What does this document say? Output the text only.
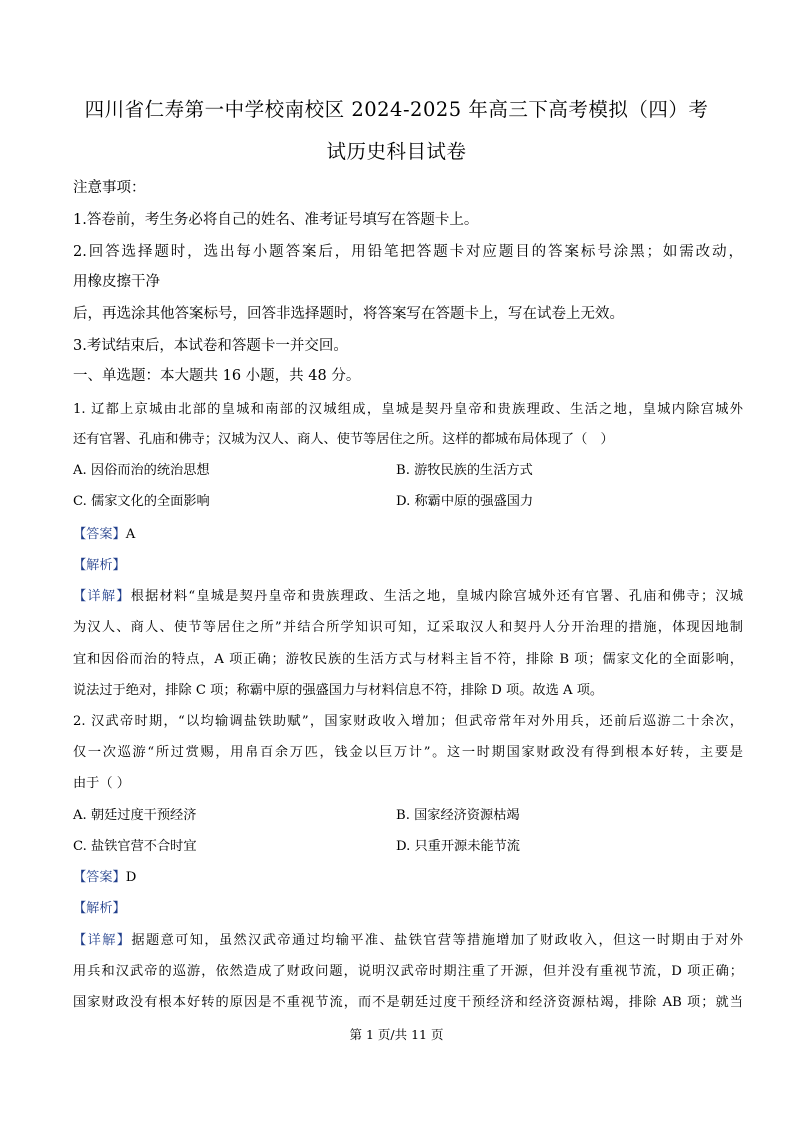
四川省仁寿第一中学校南校区 2024-2025 年高三下高考模拟（四）考
试历史科目试卷
注意事项：
1.答卷前，考生务必将自己的姓名、准考证号填写在答题卡上。
2.回答选择题时，选出每小题答案后，用铅笔把答题卡对应题目的答案标号涂黑；如需改动，
用橡皮擦干净
后，再选涂其他答案标号，回答非选择题时，将答案写在答题卡上，写在试卷上无效。
3.考试结束后，本试卷和答题卡一并交回。
一、单选题：本大题共 16 小题，共 48 分。
1. 辽都上京城由北部的皇城和南部的汉城组成，皇城是契丹皇帝和贵族理政、生活之地，皇城内除宫城外
还有官署、孔庙和佛寺；汉城为汉人、商人、使节等居住之所。这样的都城布局体现了（　）
A. 因俗而治的统治思想	B. 游牧民族的生活方式
C. 儒家文化的全面影响	D. 称霸中原的强盛国力
【答案】A
【解析】
【详解】根据材料“皇城是契丹皇帝和贵族理政、生活之地，皇城内除宫城外还有官署、孔庙和佛寺；汉城
为汉人、商人、使节等居住之所”并结合所学知识可知，辽采取汉人和契丹人分开治理的措施，体现因地制
宜和因俗而治的特点，A 项正确；游牧民族的生活方式与材料主旨不符，排除 B 项；儒家文化的全面影响，
说法过于绝对，排除 C 项；称霸中原的强盛国力与材料信息不符，排除 D 项。故选 A 项。
2. 汉武帝时期，“以均输调盐铁助赋”，国家财政收入增加；但武帝常年对外用兵，还前后巡游二十余次，
仅一次巡游“所过赏赐，用帛百余万匹，钱金以巨万计”。这一时期国家财政没有得到根本好转，主要是
由于（ ）
A. 朝廷过度干预经济	B. 国家经济资源枯竭
C. 盐铁官营不合时宜	D. 只重开源未能节流
【答案】D
【解析】
【详解】据题意可知，虽然汉武帝通过均输平准、盐铁官营等措施增加了财政收入，但这一时期由于对外
用兵和汉武帝的巡游，依然造成了财政问题，说明汉武帝时期注重了开源，但并没有重视节流，D 项正确；
国家财政没有根本好转的原因是不重视节流，而不是朝廷过度干预经济和经济资源枯竭，排除 AB 项；就当
第 1 页/共 11 页
